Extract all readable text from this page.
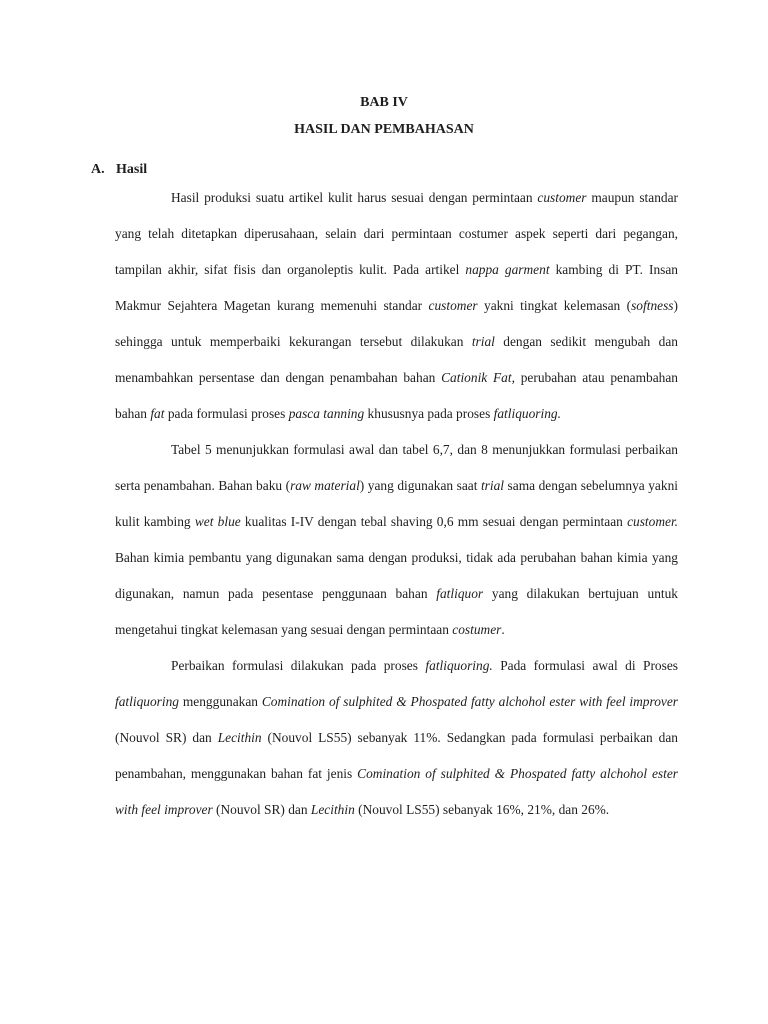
BAB IV
HASIL DAN PEMBAHASAN
A. Hasil

Hasil produksi suatu artikel kulit harus sesuai dengan permintaan customer maupun standar yang telah ditetapkan diperusahaan, selain dari permintaan costumer aspek seperti dari pegangan, tampilan akhir, sifat fisis dan organoleptis kulit. Pada artikel nappa garment kambing di PT. Insan Makmur Sejahtera Magetan kurang memenuhi standar customer yakni tingkat kelemasan (softness) sehingga untuk memperbaiki kekurangan tersebut dilakukan trial dengan sedikit mengubah dan menambahkan persentase dan dengan penambahan bahan Cationik Fat, perubahan atau penambahan bahan fat pada formulasi proses pasca tanning khususnya pada proses fatliquoring.

Tabel 5 menunjukkan formulasi awal dan tabel 6,7, dan 8 menunjukkan formulasi perbaikan serta penambahan. Bahan baku (raw material) yang digunakan saat trial sama dengan sebelumnya yakni kulit kambing wet blue kualitas I-IV dengan tebal shaving 0,6 mm sesuai dengan permintaan customer. Bahan kimia pembantu yang digunakan sama dengan produksi, tidak ada perubahan bahan kimia yang digunakan, namun pada pesentase penggunaan bahan fatliquor yang dilakukan bertujuan untuk mengetahui tingkat kelemasan yang sesuai dengan permintaan costumer.

Perbaikan formulasi dilakukan pada proses fatliquoring. Pada formulasi awal di Proses fatliquoring menggunakan Comination of sulphited & Phospated fatty alchohol ester with feel improver (Nouvol SR) dan Lecithin (Nouvol LS55) sebanyak 11%. Sedangkan pada formulasi perbaikan dan penambahan, menggunakan bahan fat jenis Comination of sulphited & Phospated fatty alchohol ester with feel improver (Nouvol SR) dan Lecithin (Nouvol LS55) sebanyak 16%, 21%, dan 26%.
